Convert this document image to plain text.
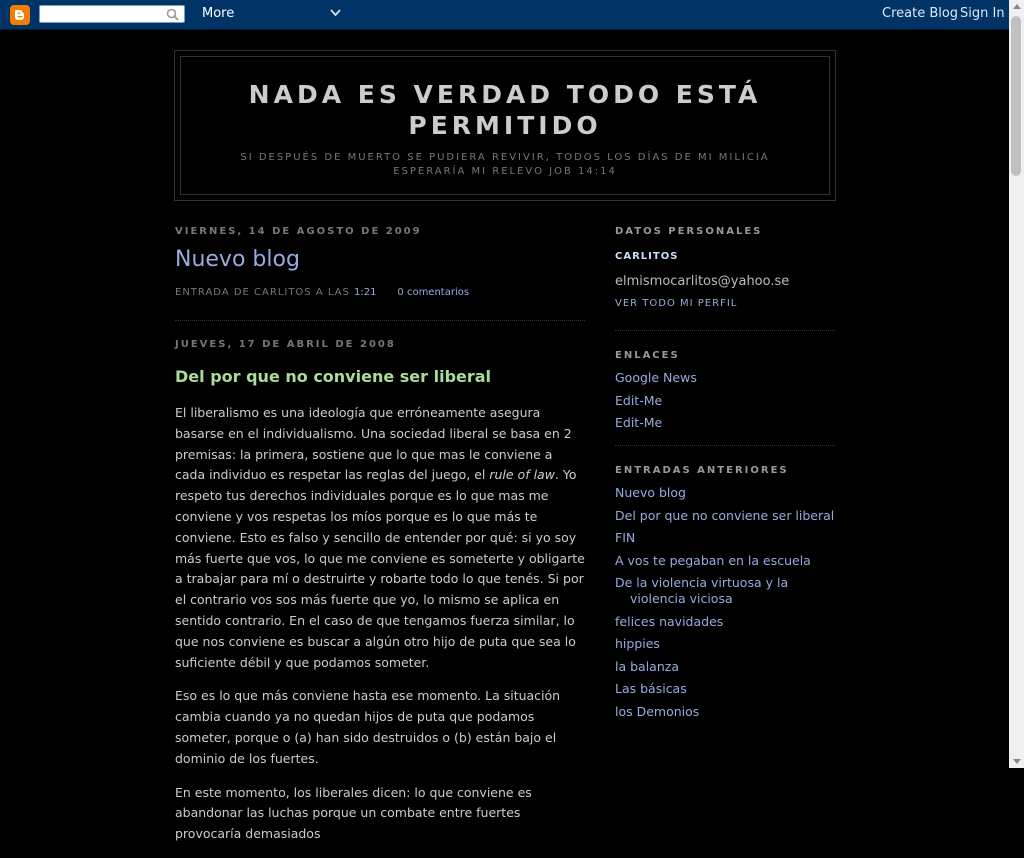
More	Create Blog Sign In
NADA ES VERDAD TODO ESTÁ PERMITIDO
SI DESPUÉS DE MUERTO SE PUDIERA REVIVIR, TODOS LOS DÍAS DE MI MILICIA ESPERARÍA MI RELEVO JOB 14:14
VIERNES, 14 DE AGOSTO DE 2009
Nuevo blog
ENTRADA DE CARLITOS A LAS 1:21 0 comentarios
JUEVES, 17 DE ABRIL DE 2008
Del por que no conviene ser liberal

El liberalismo es una ideología que erróneamente asegura basarse en el individualismo. Una sociedad liberal se basa en 2 premisas: la primera, sostiene que lo que mas le conviene a cada individuo es respetar las reglas del juego, el rule of law. Yo respeto tus derechos individuales porque es lo que mas me conviene y vos respetas los míos porque es lo que más te conviene. Esto es falso y sencillo de entender por qué: si yo soy más fuerte que vos, lo que me conviene es someterte y obligarte a trabajar para mí o destruirte y robarte todo lo que tenés. Si por el contrario vos sos más fuerte que yo, lo mismo se aplica en sentido contrario. En el caso de que tengamos fuerza similar, lo que nos conviene es buscar a algún otro hijo de puta que sea lo suficiente débil y que podamos someter.

Eso es lo que más conviene hasta ese momento. La situación cambia cuando ya no quedan hijos de puta que podamos someter, porque o (a) han sido destruidos o (b) están bajo el dominio de los fuertes.

En este momento, los liberales dicen: lo que conviene es abandonar las luchas porque un combate entre fuertes provocaría demasiados

DATOS PERSONALES
CARLITOS
elmismocarlitos@yahoo.se
VER TODO MI PERFIL
ENLACES
Google News
Edit-Me
Edit-Me
ENTRADAS ANTERIORES
Nuevo blog
Del por que no conviene ser liberal
FIN
A vos te pegaban en la escuela
De la violencia virtuosa y la violencia viciosa
felices navidades
hippies
la balanza
Las básicas
los Demonios
